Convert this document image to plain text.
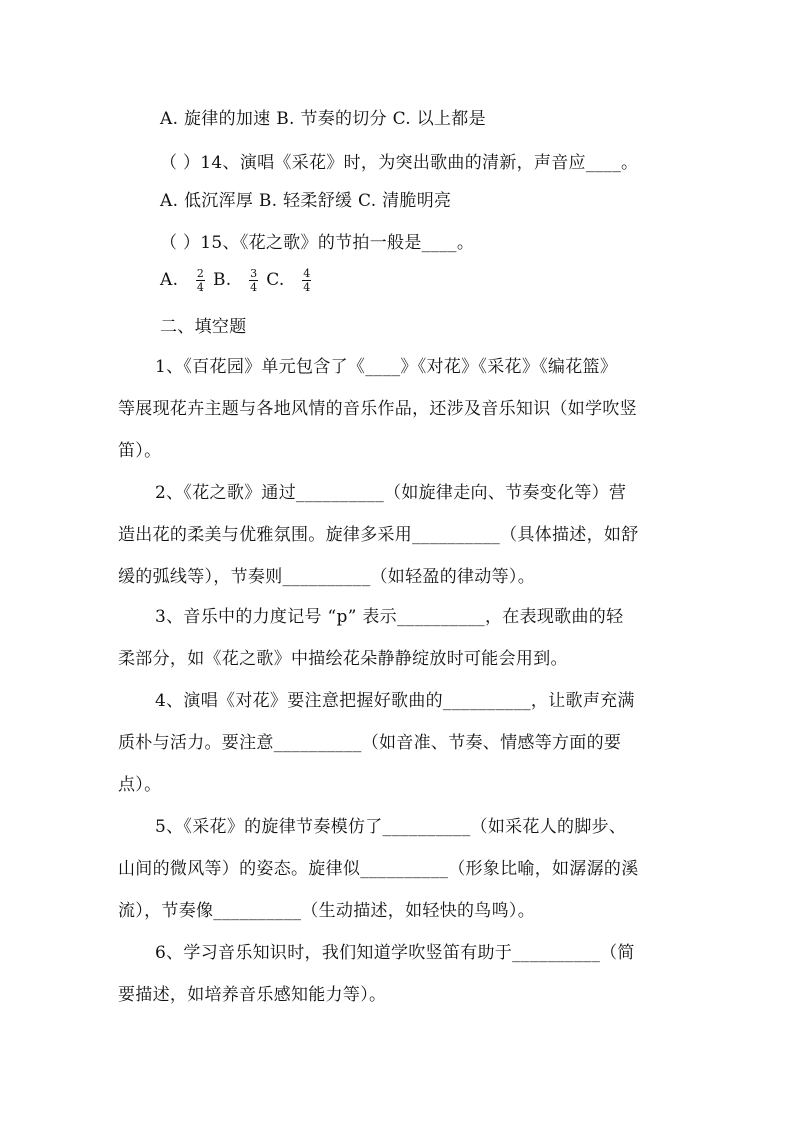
A. 旋律的加速 B. 节奏的切分 C. 以上都是
（ ）14、演唱《采花》时，为突出歌曲的清新，声音应____。
A. 低沉浑厚 B. 轻柔舒缓 C. 清脆明亮
（ ）15、《花之歌》的节拍一般是____。
A. $\frac{2}{4} B$. $\frac{3}{4} C$. $\frac{4}{4}$
二、填空题
1、《百花园》单元包含了《____》《对花》《采花》《编花篮》
等展现花卉主题与各地风情的音乐作品，还涉及音乐知识（如学吹竖
笛）。
2、《花之歌》通过__________（如旋律走向、节奏变化等）营
造出花的柔美与优雅氛围。旋律多采用__________（具体描述，如舒
缓的弧线等），节奏则__________（如轻盈的律动等）。
3、音乐中的力度记号 “p” 表示__________，在表现歌曲的轻
柔部分，如《花之歌》中描绘花朵静静绽放时可能会用到。
4、演唱《对花》要注意把握好歌曲的__________，让歌声充满
质朴与活力。要注意__________（如音准、节奏、情感等方面的要
点）。
5、《采花》的旋律节奏模仿了__________（如采花人的脚步、
山间的微风等）的姿态。旋律似__________（形象比喻，如潺潺的溪
流），节奏像__________（生动描述，如轻快的鸟鸣）。
6、学习音乐知识时，我们知道学吹竖笛有助于__________（简
要描述，如培养音乐感知能力等）。
